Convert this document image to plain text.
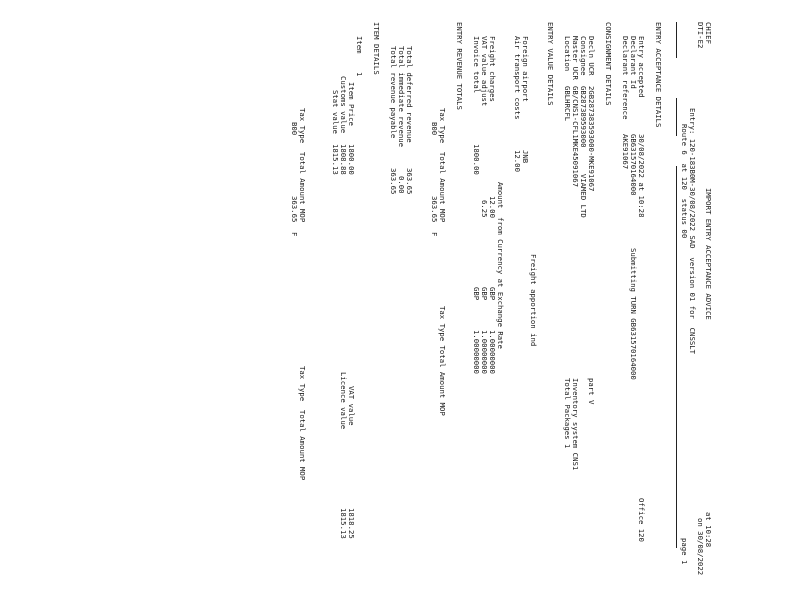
CHIEF
DTI-E2
IMPORT ENTRY ACCEPTANCE ADVICE
at 10:28
on 30/08/2022
Entry: 120-183B0M-30/08/2022 SAD  version 01 for  CNSSLT
Route 6  at 120  status 00
page 1
ENTRY ACCEPTANCE DETAILS
Entry accepted
30/08/2022 at 10:28
Office 120
Declarant Id
GB631570164000
Submitting TURN GB631570164000
Declarant reference
AKE91067
CONSIGNMENT DETAILS
Decln UCR
2GB287383593000-MKE91067
part V
Consignee
GB287389593000      VIAMED LTD
Master UCR
GB/CNS1-CFL1MKE45091067
Inventory system CNS1
Location
GBLHRCFL
Total Packages 1
ENTRY VALUE DETAILS
Freight apportion ind
Foreign airport
JNB
Air transport costs
12.00
Amount  from Currency at Exchange Rate
Freight charges
12.00
GBP
1.00000000
VAT value adjust
6.25
GBP
1.00000000
Invoice total
1800.00
GBP
1.00000000
ENTRY REVENUE TOTALS
Tax Type  Total Amount MOP
Tax Type Total Amount MOP
B00
363.65
F
Total deferred revenue
363.65
Total immediate revenue
0.00
Total revenue payable
363.65
ITEM DETAILS
Item
1
Item Price
1800.00
VAT value
1818.25
Customs value
1808.88
Licence value
1815.13
Stat value
1815.13
Tax Type  Total Amount MOP
Tax Type  Total Amount MOP
B00
363.65
F
